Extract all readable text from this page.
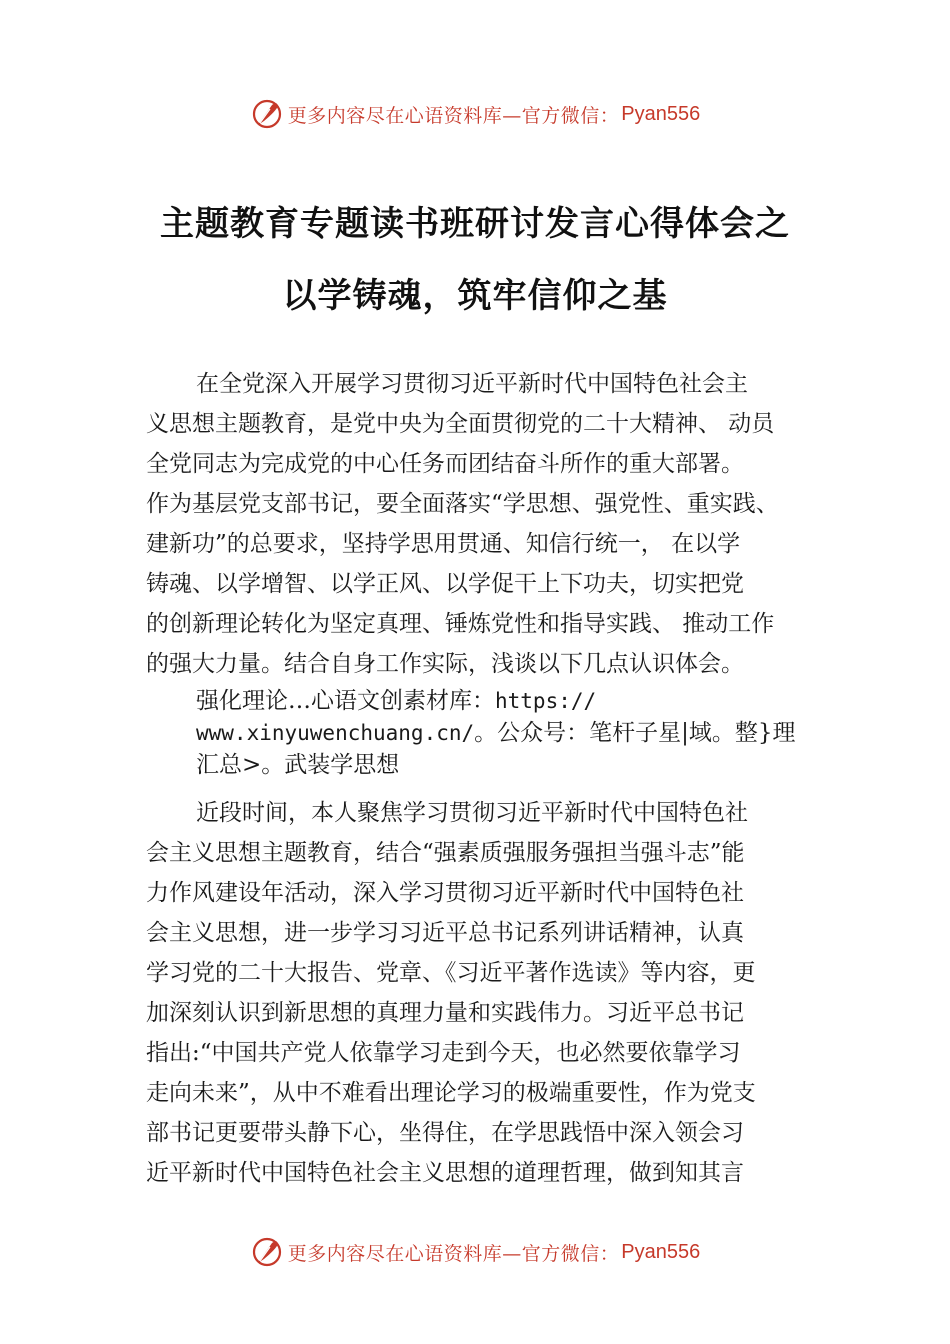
更多内容尽在心语资料库—官方微信： Pyan556
主题教育专题读书班研讨发言心得体会之
以学铸魂，筑牢信仰之基
在全党深入开展学习贯彻习近平新时代中国特色社会主
义思想主题教育，是党中央为全面贯彻党的二十大精神、 动员
全党同志为完成党的中心任务而团结奋斗所作的重大部署。
作为基层党支部书记，要全面落实“学思想、强党性、重实践、
建新功”的总要求，坚持学思用贯通、知信行统一， 在以学
铸魂、以学增智、以学正风、以学促干上下功夫，切实把党
的创新理论转化为坚定真理、锤炼党性和指导实践、 推动工作
的强大力量。结合自身工作实际，浅谈以下几点认识体会。
强化理论…心语文创素材库：https://
www.xinyuwenchuang.cn/。公众号：笔杆子星|域。整}理
汇总>。武装学思想
近段时间，本人聚焦学习贯彻习近平新时代中国特色社
会主义思想主题教育，结合“强素质强服务强担当强斗志”能
力作风建设年活动，深入学习贯彻习近平新时代中国特色社
会主义思想，进一步学习习近平总书记系列讲话精神，认真
学习党的二十大报告、党章、《习近平著作选读》等内容，更
加深刻认识到新思想的真理力量和实践伟力。习近平总书记
指出:“中国共产党人依靠学习走到今天，也必然要依靠学习
走向未来”，从中不难看出理论学习的极端重要性，作为党支
部书记更要带头静下心，坐得住，在学思践悟中深入领会习
近平新时代中国特色社会主义思想的道理哲理，做到知其言
更多内容尽在心语资料库—官方微信： Pyan556
